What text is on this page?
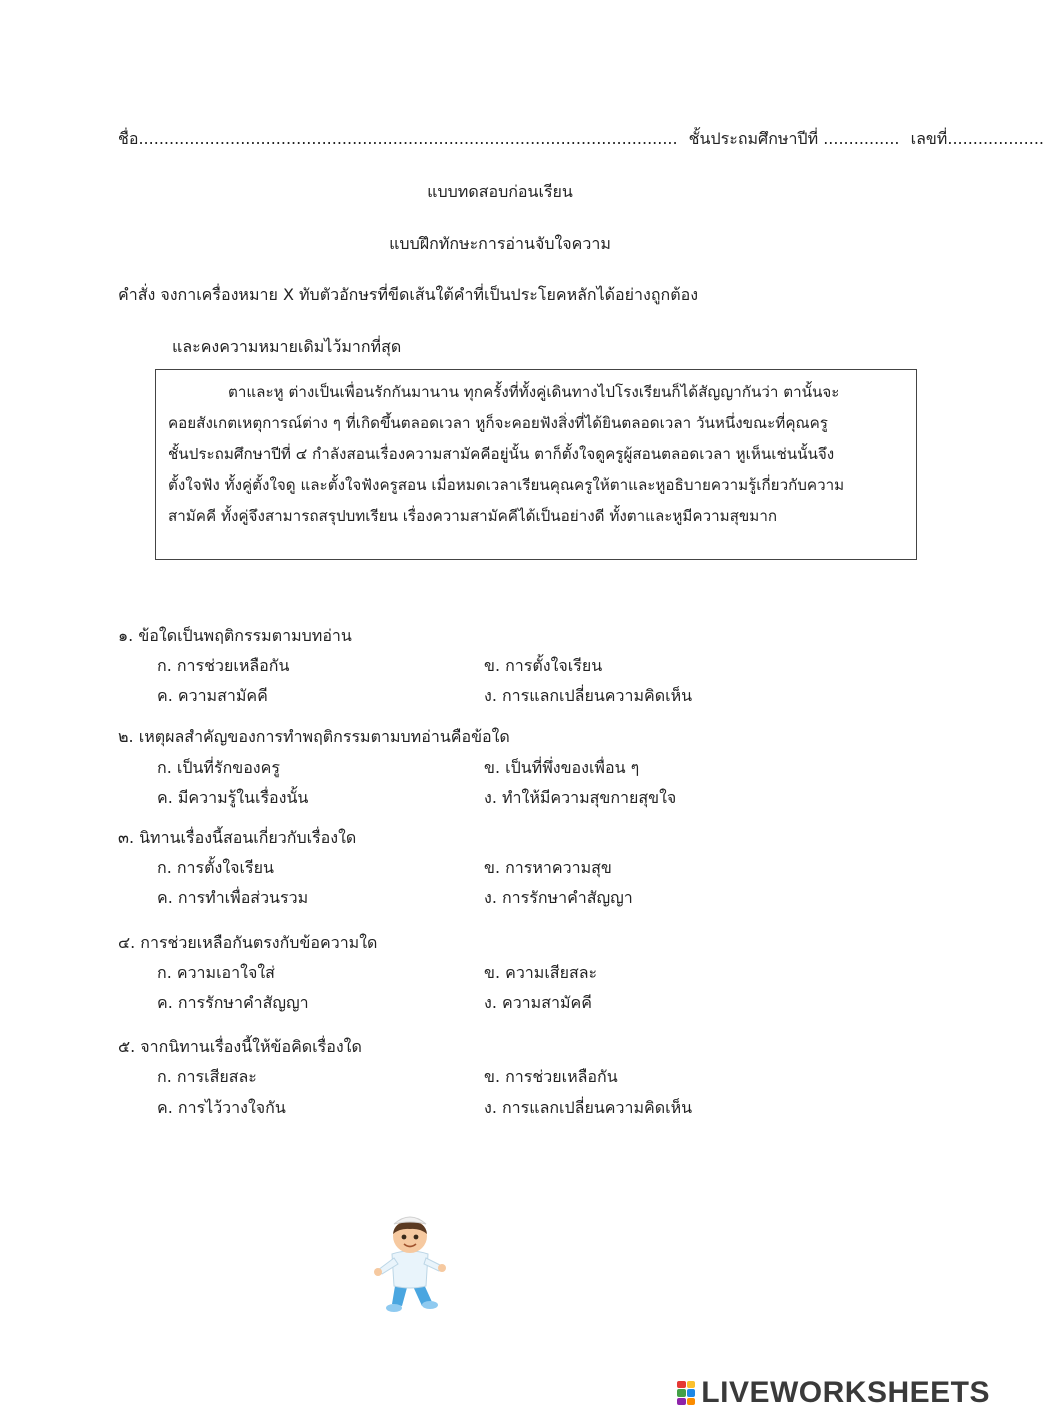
ชื่อ.......................................................................................................... ชั้นประถมศึกษาปีที่ ............... เลขที่...................
แบบทดสอบก่อนเรียน
แบบฝึกทักษะการอ่านจับใจความ
คำสั่ง จงกาเครื่องหมาย X ทับตัวอักษรที่ขีดเส้นใต้คำที่เป็นประโยคหลักได้อย่างถูกต้อง
และคงความหมายเดิมไว้มากที่สุด
ตาและหู ต่างเป็นเพื่อนรักกันมานาน ทุกครั้งที่ทั้งคู่เดินทางไปโรงเรียนก็ได้สัญญากันว่า ตานั้นจะ
คอยสังเกตเหตุการณ์ต่าง ๆ ที่เกิดขึ้นตลอดเวลา หูก็จะคอยฟังสิ่งที่ได้ยินตลอดเวลา วันหนึ่งขณะที่คุณครู
ชั้นประถมศึกษาปีที่ ๔ กำลังสอนเรื่องความสามัคคีอยู่นั้น ตาก็ตั้งใจดูครูผู้สอนตลอดเวลา หูเห็นเช่นนั้นจึง
ตั้งใจฟัง ทั้งคู่ตั้งใจดู และตั้งใจฟังครูสอน เมื่อหมดเวลาเรียนคุณครูให้ตาและหูอธิบายความรู้เกี่ยวกับความ
สามัคคี ทั้งคู่จึงสามารถสรุปบทเรียน เรื่องความสามัคคีได้เป็นอย่างดี ทั้งตาและหูมีความสุขมาก
๑. ข้อใดเป็นพฤติกรรมตามบทอ่าน
ก. การช่วยเหลือกัน	ข. การตั้งใจเรียน
ค. ความสามัคคี	ง. การแลกเปลี่ยนความคิดเห็น
๒. เหตุผลสำคัญของการทำพฤติกรรมตามบทอ่านคือข้อใด
ก. เป็นที่รักของครู	ข. เป็นที่พึ่งของเพื่อน ๆ
ค. มีความรู้ในเรื่องนั้น	ง. ทำให้มีความสุขกายสุขใจ
๓. นิทานเรื่องนี้สอนเกี่ยวกับเรื่องใด
ก. การตั้งใจเรียน	ข. การหาความสุข
ค. การทำเพื่อส่วนรวม	ง. การรักษาคำสัญญา
๔. การช่วยเหลือกันตรงกับข้อความใด
ก. ความเอาใจใส่	ข. ความเสียสละ
ค. การรักษาคำสัญญา	ง. ความสามัคคี
๕. จากนิทานเรื่องนี้ให้ข้อคิดเรื่องใด
ก. การเสียสละ	ข. การช่วยเหลือกัน
ค. การไว้วางใจกัน	ง. การแลกเปลี่ยนความคิดเห็น
LIVEWORKSHEETS
